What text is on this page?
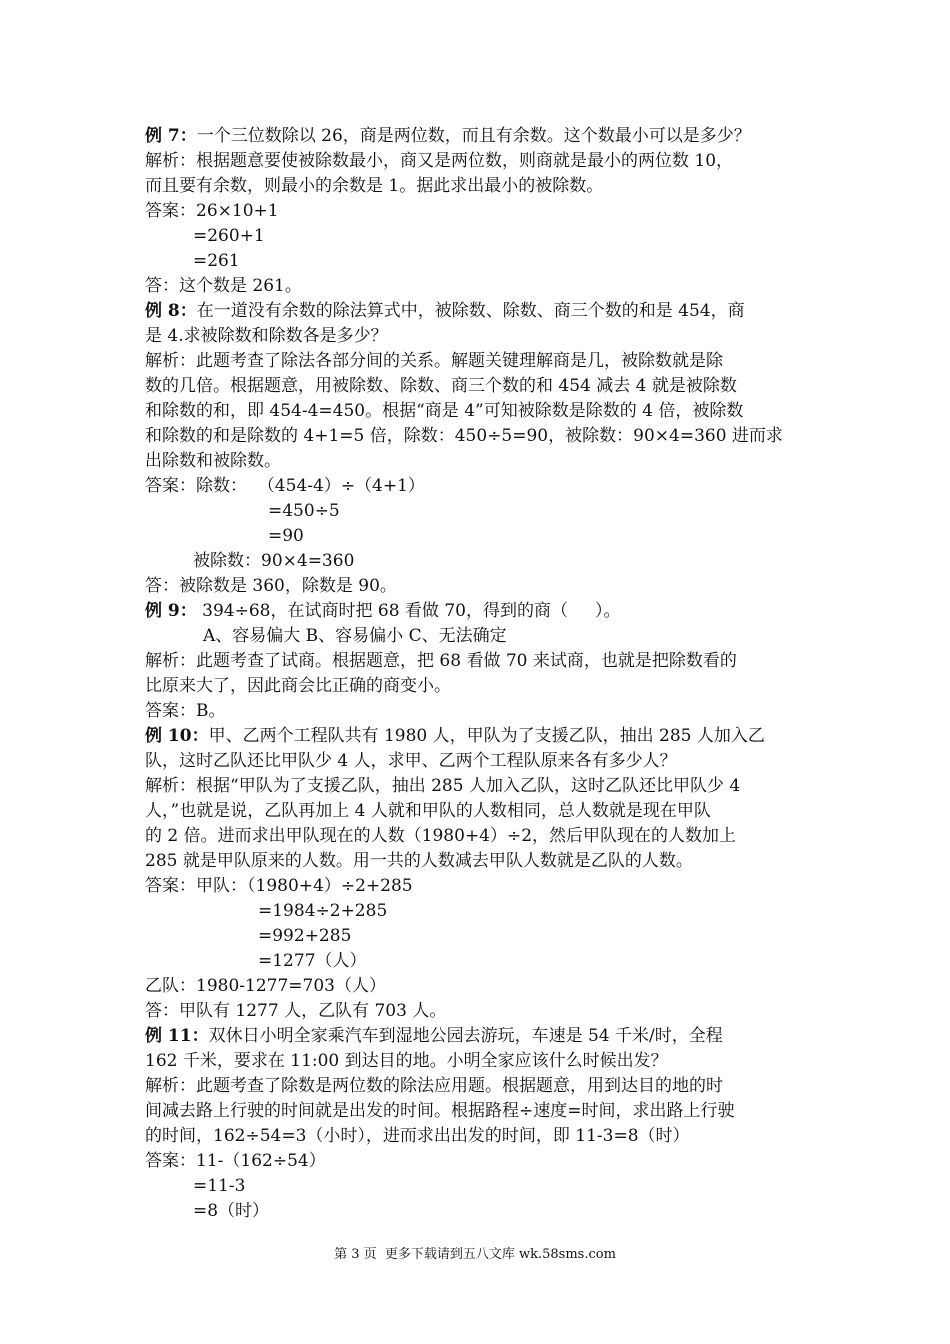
例 7：一个三位数除以 26，商是两位数，而且有余数。这个数最小可以是多少？
解析：根据题意要使被除数最小，商又是两位数，则商就是最小的两位数 10，
而且要有余数，则最小的余数是 1。据此求出最小的被除数。
答案：26×10+1
=260+1
=261
答：这个数是 261。
例 8：在一道没有余数的除法算式中，被除数、除数、商三个数的和是 454，商
是 4.求被除数和除数各是多少？
解析：此题考查了除法各部分间的关系。解题关键理解商是几，被除数就是除
数的几倍。根据题意，用被除数、除数、商三个数的和 454 减去 4 就是被除数
和除数的和，即 454-4=450。根据“商是 4”可知被除数是除数的 4 倍，被除数
和除数的和是除数的 4+1=5 倍，除数：450÷5=90，被除数：90×4=360 进而求
出除数和被除数。
答案：除数：  （454-4）÷（4+1）
=450÷5
=90
被除数：90×4=360
答：被除数是 360，除数是 90。
例 9： 394÷68，在试商时把 68 看做 70，得到的商（     ）。
A、容易偏大 B、容易偏小 C、无法确定
解析：此题考查了试商。根据题意，把 68 看做 70 来试商，也就是把除数看的
比原来大了，因此商会比正确的商变小。
答案：B。
例 10：甲、乙两个工程队共有 1980 人，甲队为了支援乙队，抽出 285 人加入乙
队，这时乙队还比甲队少 4 人，求甲、乙两个工程队原来各有多少人？
解析：根据“甲队为了支援乙队，抽出 285 人加入乙队，这时乙队还比甲队少 4
人，”也就是说，乙队再加上 4 人就和甲队的人数相同，总人数就是现在甲队
的 2 倍。进而求出甲队现在的人数（1980+4）÷2，然后甲队现在的人数加上
285 就是甲队原来的人数。用一共的人数减去甲队人数就是乙队的人数。
答案：甲队：（1980+4）÷2+285
=1984÷2+285
=992+285
=1277（人）
乙队：1980-1277=703（人）
答：甲队有 1277 人，乙队有 703 人。
例 11：双休日小明全家乘汽车到湿地公园去游玩，车速是 54 千米/时，全程
162 千米，要求在 11:00 到达目的地。小明全家应该什么时候出发？
解析：此题考查了除数是两位数的除法应用题。根据题意，用到达目的地的时
间减去路上行驶的时间就是出发的时间。根据路程÷速度=时间，求出路上行驶
的时间，162÷54=3（小时），进而求出出发的时间，即 11-3=8（时）
答案：11-（162÷54）
=11-3
=8（时）
第 3 页  更多下载请到五八文库 wk.58sms.com
